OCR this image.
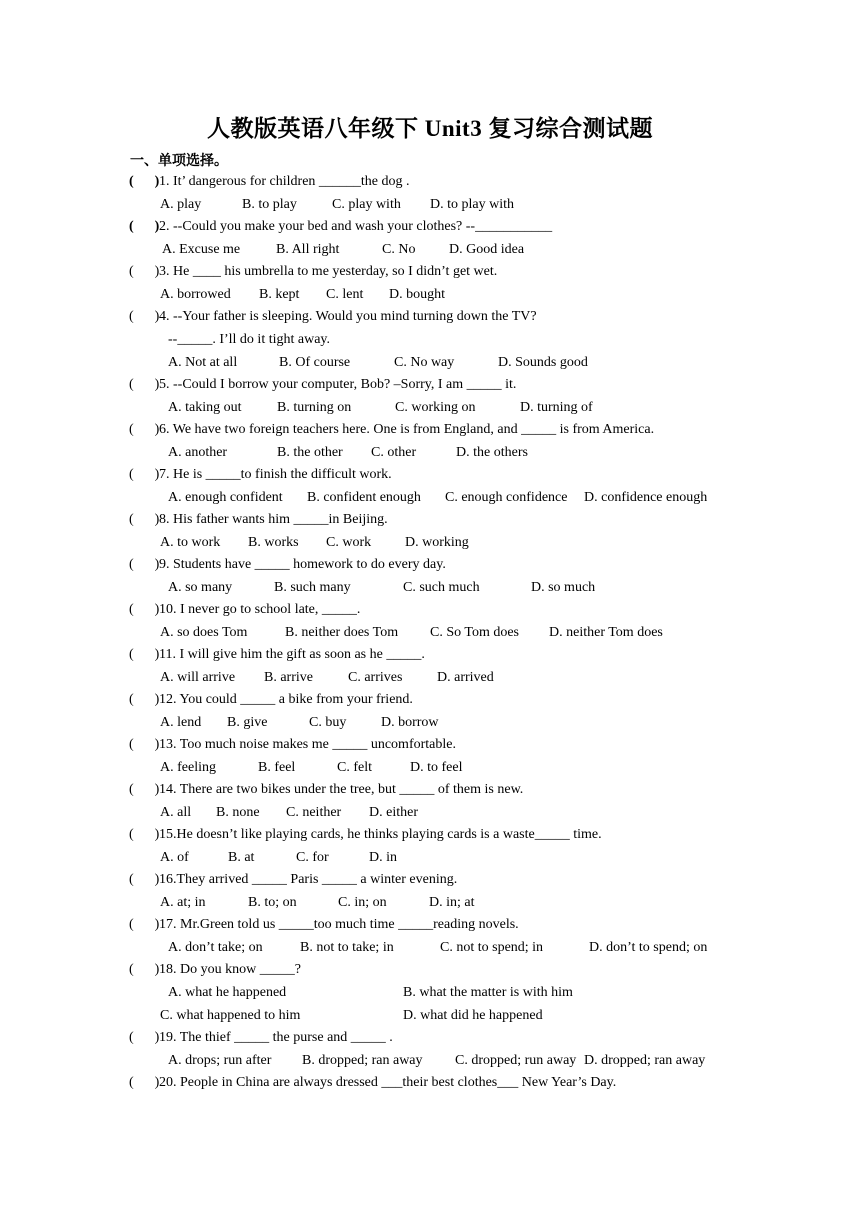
人教版英语八年级下 Unit3 复习综合测试题
一、单项选择。
(      )1. It’ dangerous for children ______the dog .
A. play	B. to play	C. play with D. to play with
(      )2. --Could you make your bed and wash your clothes? --___________
A. Excuse me	B. All right	C. No D. Good idea
(      )3. He ____ his umbrella to me yesterday, so I didn’t get wet.
A. borrowed B. kept C. lent D. bought
(      )4. --Your father is sleeping. Would you mind turning down the TV?
--_____. I’ll do it tight away.
A. Not at all	B. Of course	C. No way	D. Sounds good
(      )5. --Could I borrow your computer, Bob? –Sorry, I am _____ it.
A. taking out	B. turning on	C. working on	D. turning of
(      )6. We have two foreign teachers here. One is from England, and _____ is from America.
A. another	B. the other C. other	D. the others
(      )7. He is _____to finish the difficult work.
A. enough confident B. confident enough C. enough confidence D. confidence enough
(      )8. His father wants him _____in Beijing.
A. to work B. works C. work D. working
(      )9. Students have _____ homework to do every day.
A. so many	B. such many	C. such much	D. so much
(      )10. I never go to school late, _____.
A. so does Tom	B. neither does Tom C. So Tom does D. neither Tom does
(      )11. I will give him the gift as soon as he _____.
A. will arrive B. arrive	C. arrives D. arrived
(      )12. You could _____ a bike from your friend.
A. lend B. give	C. buy D. borrow
(      )13. Too much noise makes me _____ uncomfortable.
A. feeling	B. feel	C. felt	D. to feel
(      )14. There are two bikes under the tree, but _____ of them is new.
A. all B. none C. neither D. either
(      )15.He doesn’t like playing cards, he thinks playing cards is a waste_____ time.
A. of	B. at	C. for	D. in
(      )16.They arrived _____ Paris _____ a winter evening.
A. at; in	B. to; on	C. in; on	D. in; at
(      )17. Mr.Green told us _____too much time _____reading novels.
A. don’t take; on	B. not to take; in	C. not to spend; in	D. don’t to spend; on
(      )18. Do you know _____?
A. what he happened	B. what the matter is with him
C. what happened to him	D. what did he happened
(      )19. The thief _____ the purse and _____ .
A. drops; run after B. dropped; ran away C. dropped; run away D. dropped; ran away
(      )20. People in China are always dressed ___their best clothes___ New Year’s Day.
